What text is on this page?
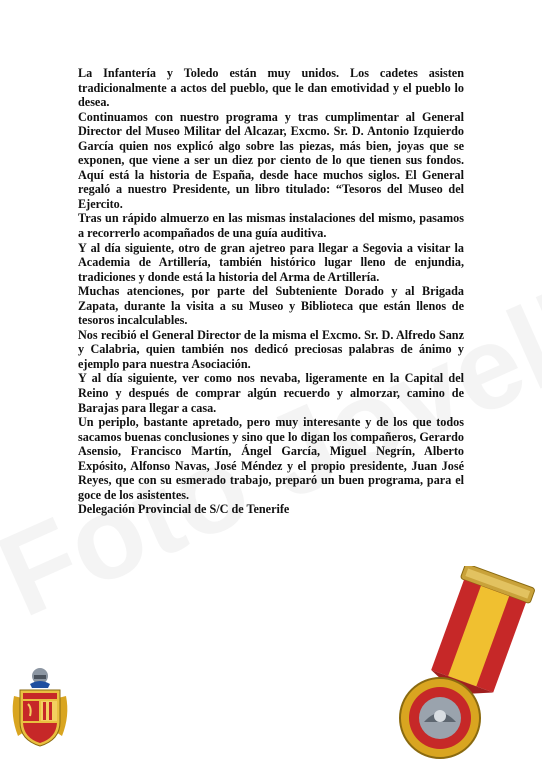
La Infantería y Toledo están muy unidos. Los cadetes asisten tradicionalmente a actos del pueblo, que le dan emotividad y el pueblo lo desea.

Continuamos con nuestro programa y tras cumplimentar al General Director del Museo Militar del Alcazar, Excmo. Sr. D. Antonio Izquierdo García quien nos explicó algo sobre las piezas, más bien, joyas que se exponen, que viene a ser un diez por ciento de lo que tienen sus fondos. Aquí está la historia de España, desde hace muchos siglos. El General regaló a nuestro Presidente, un libro titulado: “Tesoros del Museo del Ejercito.

Tras un rápido almuerzo en las mismas instalaciones del mismo, pasamos a recorrerlo acompañados de una guía auditiva.

Y al día siguiente, otro de gran ajetreo para llegar a Segovia a visitar la Academia de Artillería, también histórico lugar lleno de enjundia, tradiciones y donde está la historia del Arma de Artillería.

Muchas atenciones, por parte del Subteniente Dorado y al Brigada Zapata, durante la visita a su Museo y Biblioteca que están llenos de tesoros incalculables.

Nos recibió el General Director de la misma el Excmo. Sr. D. Alfredo Sanz y Calabria, quien también nos dedicó preciosas palabras de ánimo y ejemplo para nuestra Asociación.

Y al día siguiente, ver como nos nevaba, ligeramente en la Capital del Reino y después de comprar algún recuerdo y almorzar, camino de Barajas para llegar a casa.

Un periplo, bastante apretado, pero muy interesante y de los que todos sacamos buenas conclusiones y sino que lo digan los compañeros, Gerardo Asensio, Francisco Martín, Ángel García, Miguel Negrín, Alberto Expósito, Alfonso Navas, José Méndez y el propio presidente, Juan José Reyes, que con su esmerado trabajo, preparó un buen programa, para el goce de los asistentes.

Delegación Provincial de S/C de Tenerife
